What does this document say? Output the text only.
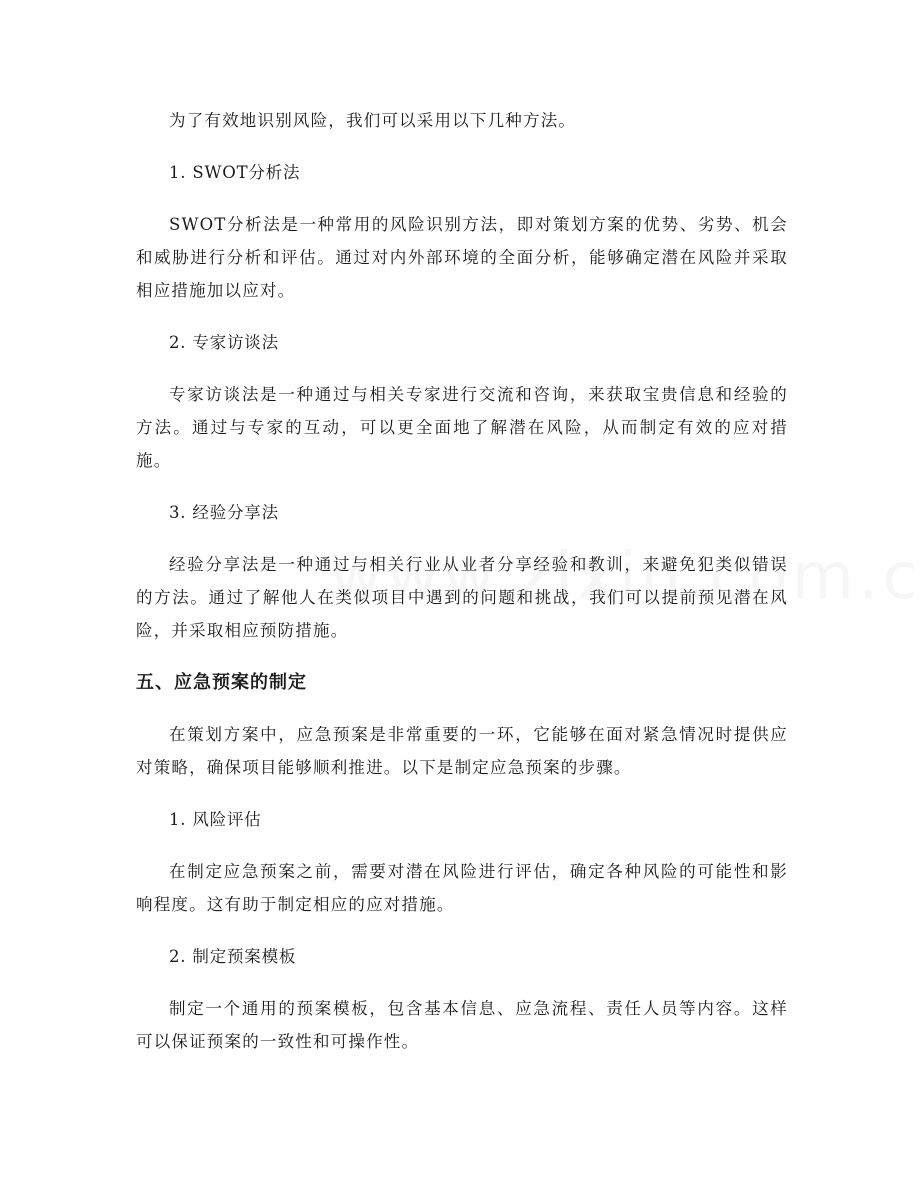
为了有效地识别风险，我们可以采用以下几种方法。

1. SWOT分析法

SWOT分析法是一种常用的风险识别方法，即对策划方案的优势、劣势、机会和威胁进行分析和评估。通过对内外部环境的全面分析，能够确定潜在风险并采取相应措施加以应对。

2. 专家访谈法

专家访谈法是一种通过与相关专家进行交流和咨询，来获取宝贵信息和经验的方法。通过与专家的互动，可以更全面地了解潜在风险，从而制定有效的应对措施。

3. 经验分享法

经验分享法是一种通过与相关行业从业者分享经验和教训，来避免犯类似错误的方法。通过了解他人在类似项目中遇到的问题和挑战，我们可以提前预见潜在风险，并采取相应预防措施。

五、应急预案的制定

在策划方案中，应急预案是非常重要的一环，它能够在面对紧急情况时提供应对策略，确保项目能够顺利推进。以下是制定应急预案的步骤。

1. 风险评估

在制定应急预案之前，需要对潜在风险进行评估，确定各种风险的可能性和影响程度。这有助于制定相应的应对措施。

2. 制定预案模板

制定一个通用的预案模板，包含基本信息、应急流程、责任人员等内容。这样可以保证预案的一致性和可操作性。
